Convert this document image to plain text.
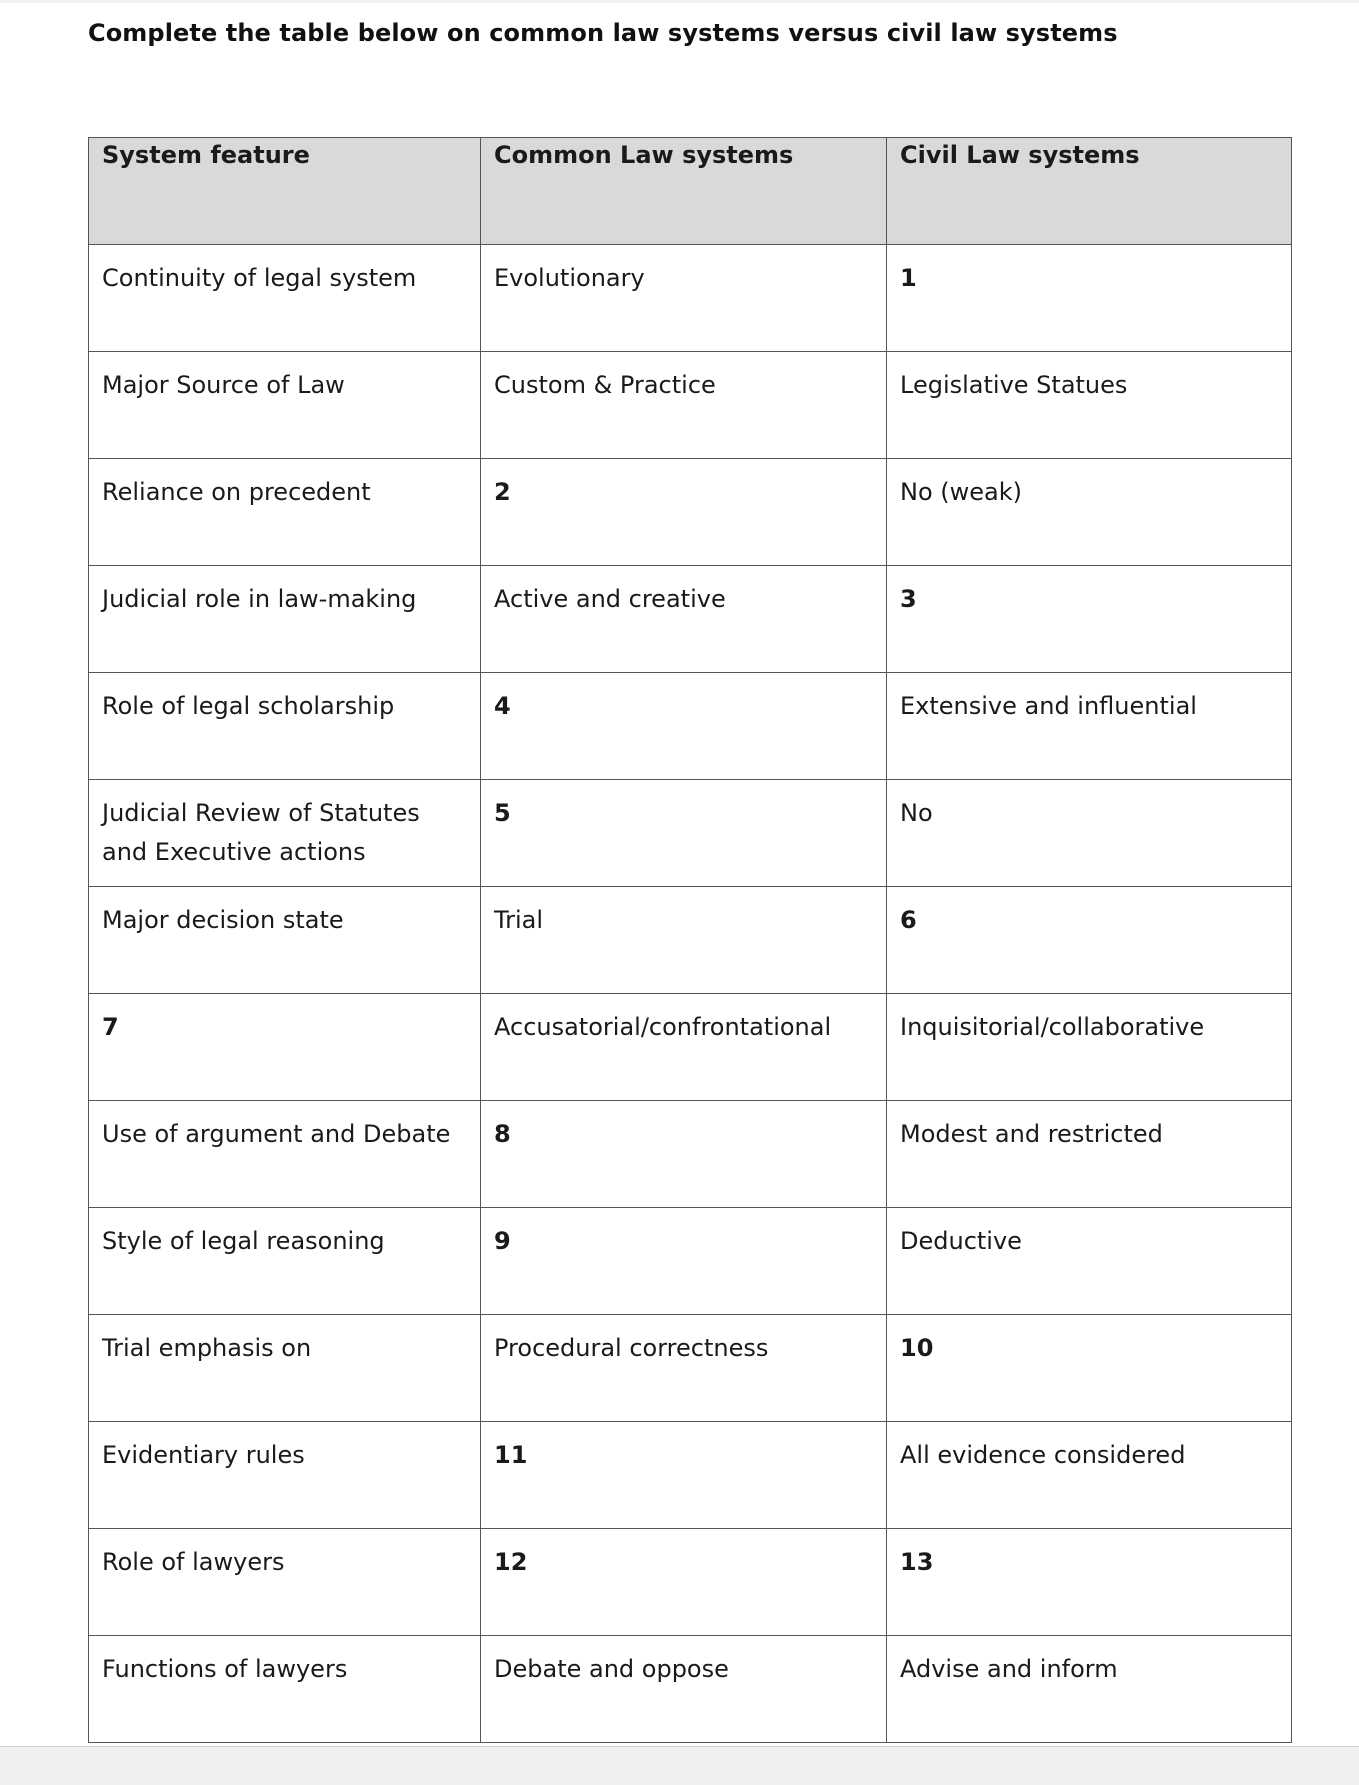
Complete the table below on common law systems versus civil law systems
System feature	Common Law systems	Civil Law systems
Continuity of legal system	Evolutionary	1
Major Source of Law	Custom & Practice	Legislative Statues
Reliance on precedent	2	No (weak)
Judicial role in law-making	Active and creative	3
Role of legal scholarship	4	Extensive and influential
Judicial Review of Statutes and Executive actions	5	No
Major decision state	Trial	6
7	Accusatorial/confrontational	Inquisitorial/collaborative
Use of argument and Debate	8	Modest and restricted
Style of legal reasoning	9	Deductive
Trial emphasis on	Procedural correctness	10
Evidentiary rules	11	All evidence considered
Role of lawyers	12	13
Functions of lawyers	Debate and oppose	Advise and inform
